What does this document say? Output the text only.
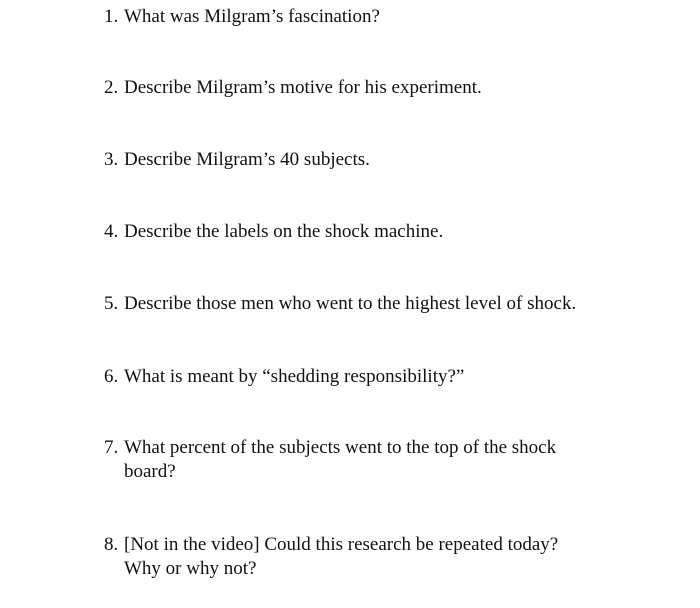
1. What was Milgram’s fascination?
2. Describe Milgram’s motive for his experiment.
3. Describe Milgram’s 40 subjects.
4. Describe the labels on the shock machine.
5. Describe those men who went to the highest level of shock.
6. What is meant by “shedding responsibility?”
7. What percent of the subjects went to the top of the shock
board?
8. [Not in the video] Could this research be repeated today?
Why or why not?
